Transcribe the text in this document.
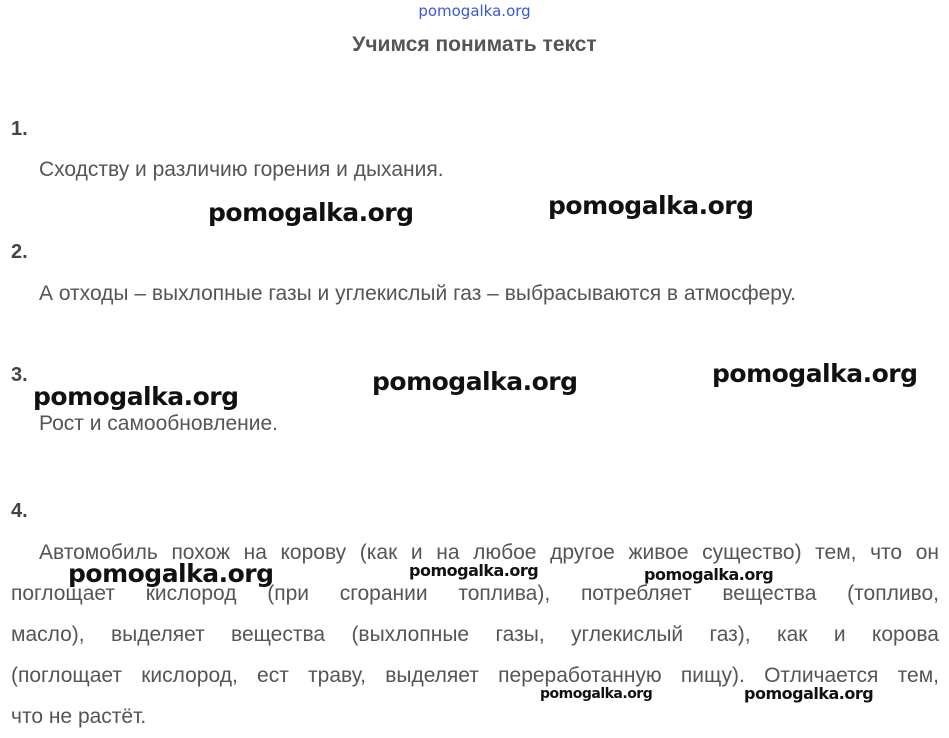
pomogalka.org
Учимся понимать текст
1.
Сходству и различию горения и дыхания.
2.
А отходы – выхлопные газы и углекислый газ – выбрасываются в атмосферу.
3.
Рост и самообновление.
4.
Автомобиль похож на корову (как и на любое другое живое существо) тем, что он
поглощает кислород (при сгорании топлива), потребляет вещества (топливо,
масло), выделяет вещества (выхлопные газы, углекислый газ), как и корова
(поглощает кислород, ест траву, выделяет переработанную пищу). Отличается тем,
что не растёт.
pomogalka.org	pomogalka.org
pomogalka.org
pomogalka.org	pomogalka.org
pomogalka.org	pomogalka.org	pomogalka.org
pomogalka.org	pomogalka.org
